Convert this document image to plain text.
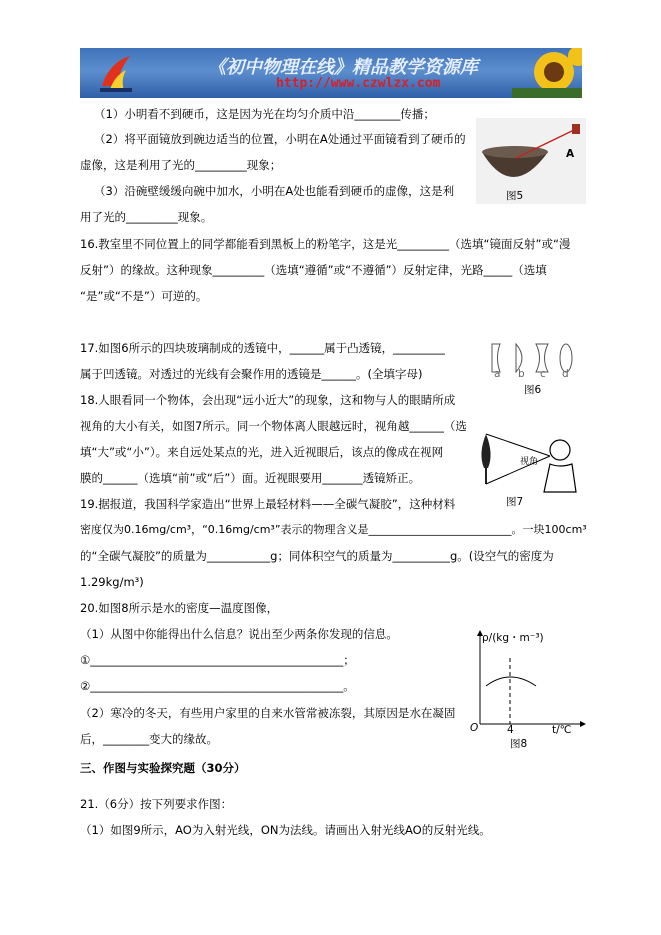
《初中物理在线》精品教学资源库
http://www.czwlzx.com
（1）小明看不到硬币，这是因为光在均匀介质中沿________传播；
（2）将平面镜放到碗边适当的位置，小明在A处通过平面镜看到了硬币的
虚像，这是利用了光的_________现象；
（3）沿碗壁缓缓向碗中加水，小明在A处也能看到硬币的虚像，这是利
用了光的_________现象。
16.教室里不同位置上的同学都能看到黑板上的粉笔字，这是光_________（选填“镜面反射”或“漫
反射”）的缘故。这种现象_________（选填“遵循”或“不遵循”）反射定律，光路_____（选填
“是”或“不是”）可逆的。
17.如图6所示的四块玻璃制成的透镜中，______属于凸透镜，_________
属于凹透镜。对透过的光线有会聚作用的透镜是______。(全填字母)
18.人眼看同一个物体，会出现“远小近大”的现象，这和物与人的眼睛所成
视角的大小有关，如图7所示。同一个物体离人眼越远时，视角越______（选
填“大”或“小”）。来自远处某点的光，进入近视眼后，该点的像成在视网
膜的______（选填“前”或“后”）面。近视眼要用_______透镜矫正。
19.据报道，我国科学家造出“世界上最轻材料——全碳气凝胶”，这种材料
密度仅为0.16mg/cm³，“0.16mg/cm³”表示的物理含义是__________________________。一块100cm³
的“全碳气凝胶”的质量为___________g；同体积空气的质量为__________g。(设空气的密度为
1.29kg/m³)
20.如图8所示是水的密度—温度图像，
（1）从图中你能得出什么信息？说出至少两条你发现的信息。
①____________________________________________；
②____________________________________________。
（2）寒冷的冬天，有些用户家里的自来水管常被冻裂，其原因是水在凝固
后，________变大的缘故。
三、作图与实验探究题（30分）
21.（6分）按下列要求作图：
（1）如图9所示，AO为入射光线，ON为法线。请画出入射光线AO的反射光线。
A
图5
a b c d
图6
视角
图7
ρ/(kg・m⁻³)
O	4	t/℃
图8
